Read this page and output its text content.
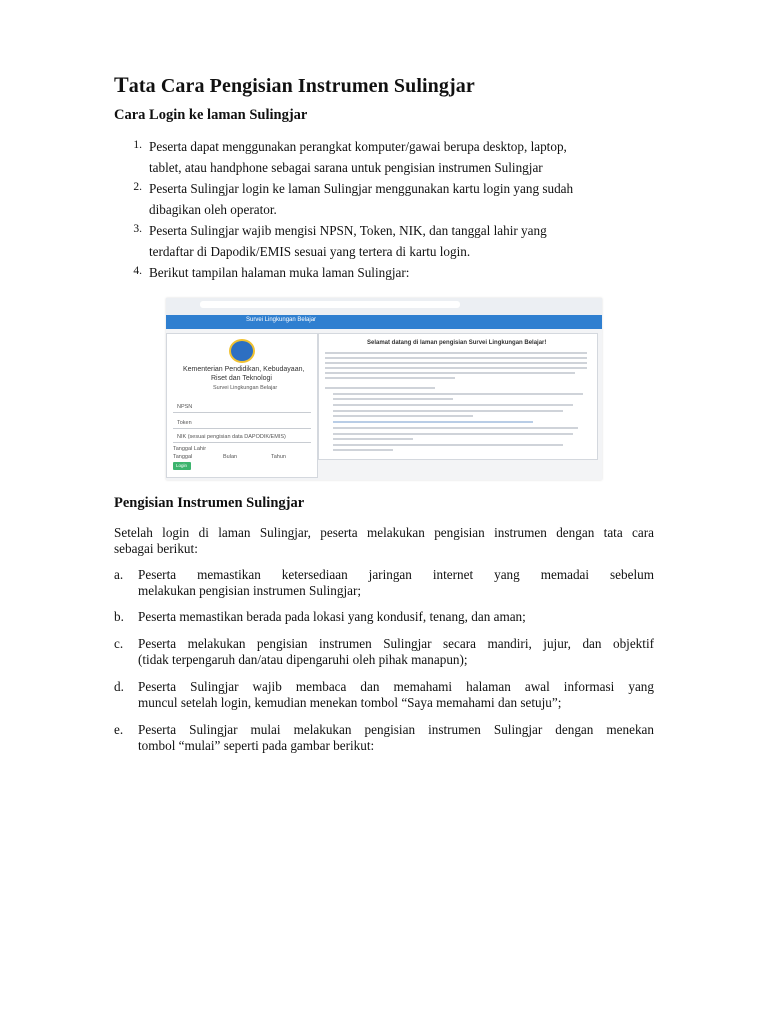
Tata Cara Pengisian Instrumen Sulingjar
Cara Login ke laman Sulingjar
1. Peserta dapat menggunakan perangkat komputer/gawai berupa desktop, laptop,
tablet, atau handphone sebagai sarana untuk pengisian instrumen Sulingjar
2. Peserta Sulingjar login ke laman Sulingjar menggunakan kartu login yang sudah
dibagikan oleh operator.
3. Peserta Sulingjar wajib mengisi NPSN, Token, NIK, dan tanggal lahir yang
terdaftar di Dapodik/EMIS sesuai yang tertera di kartu login.
4. Berikut tampilan halaman muka laman Sulingjar:
Survei Lingkungan Belajar
Kementerian Pendidikan, Kebudayaan,
Riset dan Teknologi
Survei Lingkungan Belajar
NPSN
Token
NIK (sesuai pengisian data DAPODIK/EMIS)
Tanggal Lahir
Tanggal	Bulan	Tahun
Login
Selamat datang di laman pengisian Survei Lingkungan Belajar!
Pengisian Instrumen Sulingjar
Setelah login di laman Sulingjar, peserta melakukan pengisian instrumen dengan tata cara
sebagai berikut:
a. Peserta memastikan ketersediaan jaringan internet yang memadai sebelum
melakukan pengisian instrumen Sulingjar;
b. Peserta memastikan berada pada lokasi yang kondusif, tenang, dan aman;
c. Peserta melakukan pengisian instrumen Sulingjar secara mandiri, jujur, dan objektif
(tidak terpengaruh dan/atau dipengaruhi oleh pihak manapun);
d. Peserta Sulingjar wajib membaca dan memahami halaman awal informasi yang
muncul setelah login, kemudian menekan tombol “Saya memahami dan setuju”;
e. Peserta Sulingjar mulai melakukan pengisian instrumen Sulingjar dengan menekan
tombol “mulai” seperti pada gambar berikut:
